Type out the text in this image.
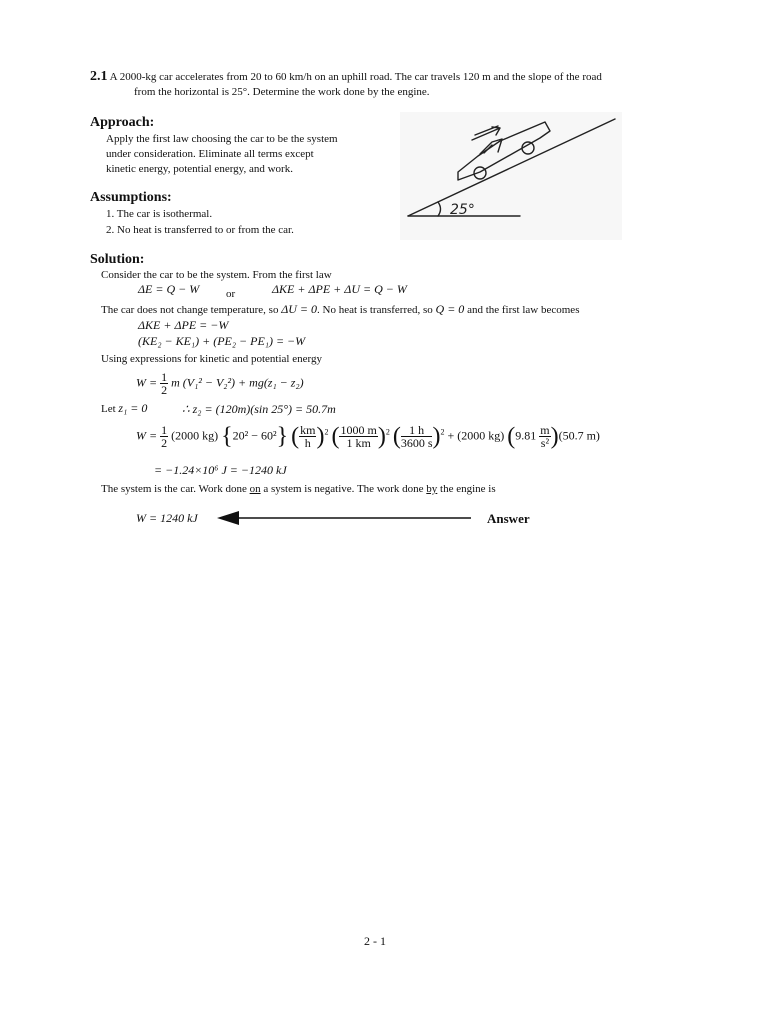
2.1 A 2000-kg car accelerates from 20 to 60 km/h on an uphill road. The car travels 120 m and the slope of the road
from the horizontal is 25°. Determine the work done by the engine.
Approach:
Apply the first law choosing the car to be the system
under consideration. Eliminate all terms except
kinetic energy, potential energy, and work.
Assumptions:
1. The car is isothermal.
2. No heat is transferred to or from the car.
25°
Solution:
Consider the car to be the system. From the first law
ΔE = Q − W or	ΔKE + ΔPE + ΔU = Q − W
The car does not change temperature, so ΔU = 0. No heat is transferred, so Q = 0 and the first law becomes
ΔKE + ΔPE = −W
(KE₂ − KE₁) + (PE₂ − PE₁) = −W
Using expressions for kinetic and potential energy
$W = \frac{1}{2}$ m (V₁² − V₂²) + mg(z₁ − z₂)
Let z₁ = 0	∴ z₂ = (120m)(sin 25°) = 50.7m
$W = \frac{1}{2} (2000$ kg) {20² − 60²} ( $\frac{km}{h} )^2$ ( $\frac{1000 m}{1 km} )^2$ ( $\frac{1 h}{3600 s} )^2 + (2000$ kg) $(9.81 \frac{m}{\text{s²}} )(50.7$ m)
= −1.24×10⁶ J = −1240 kJ
The system is the car. Work done on a system is negative. The work done by the engine is
W = 1240 kJ	Answer
2 - 1
